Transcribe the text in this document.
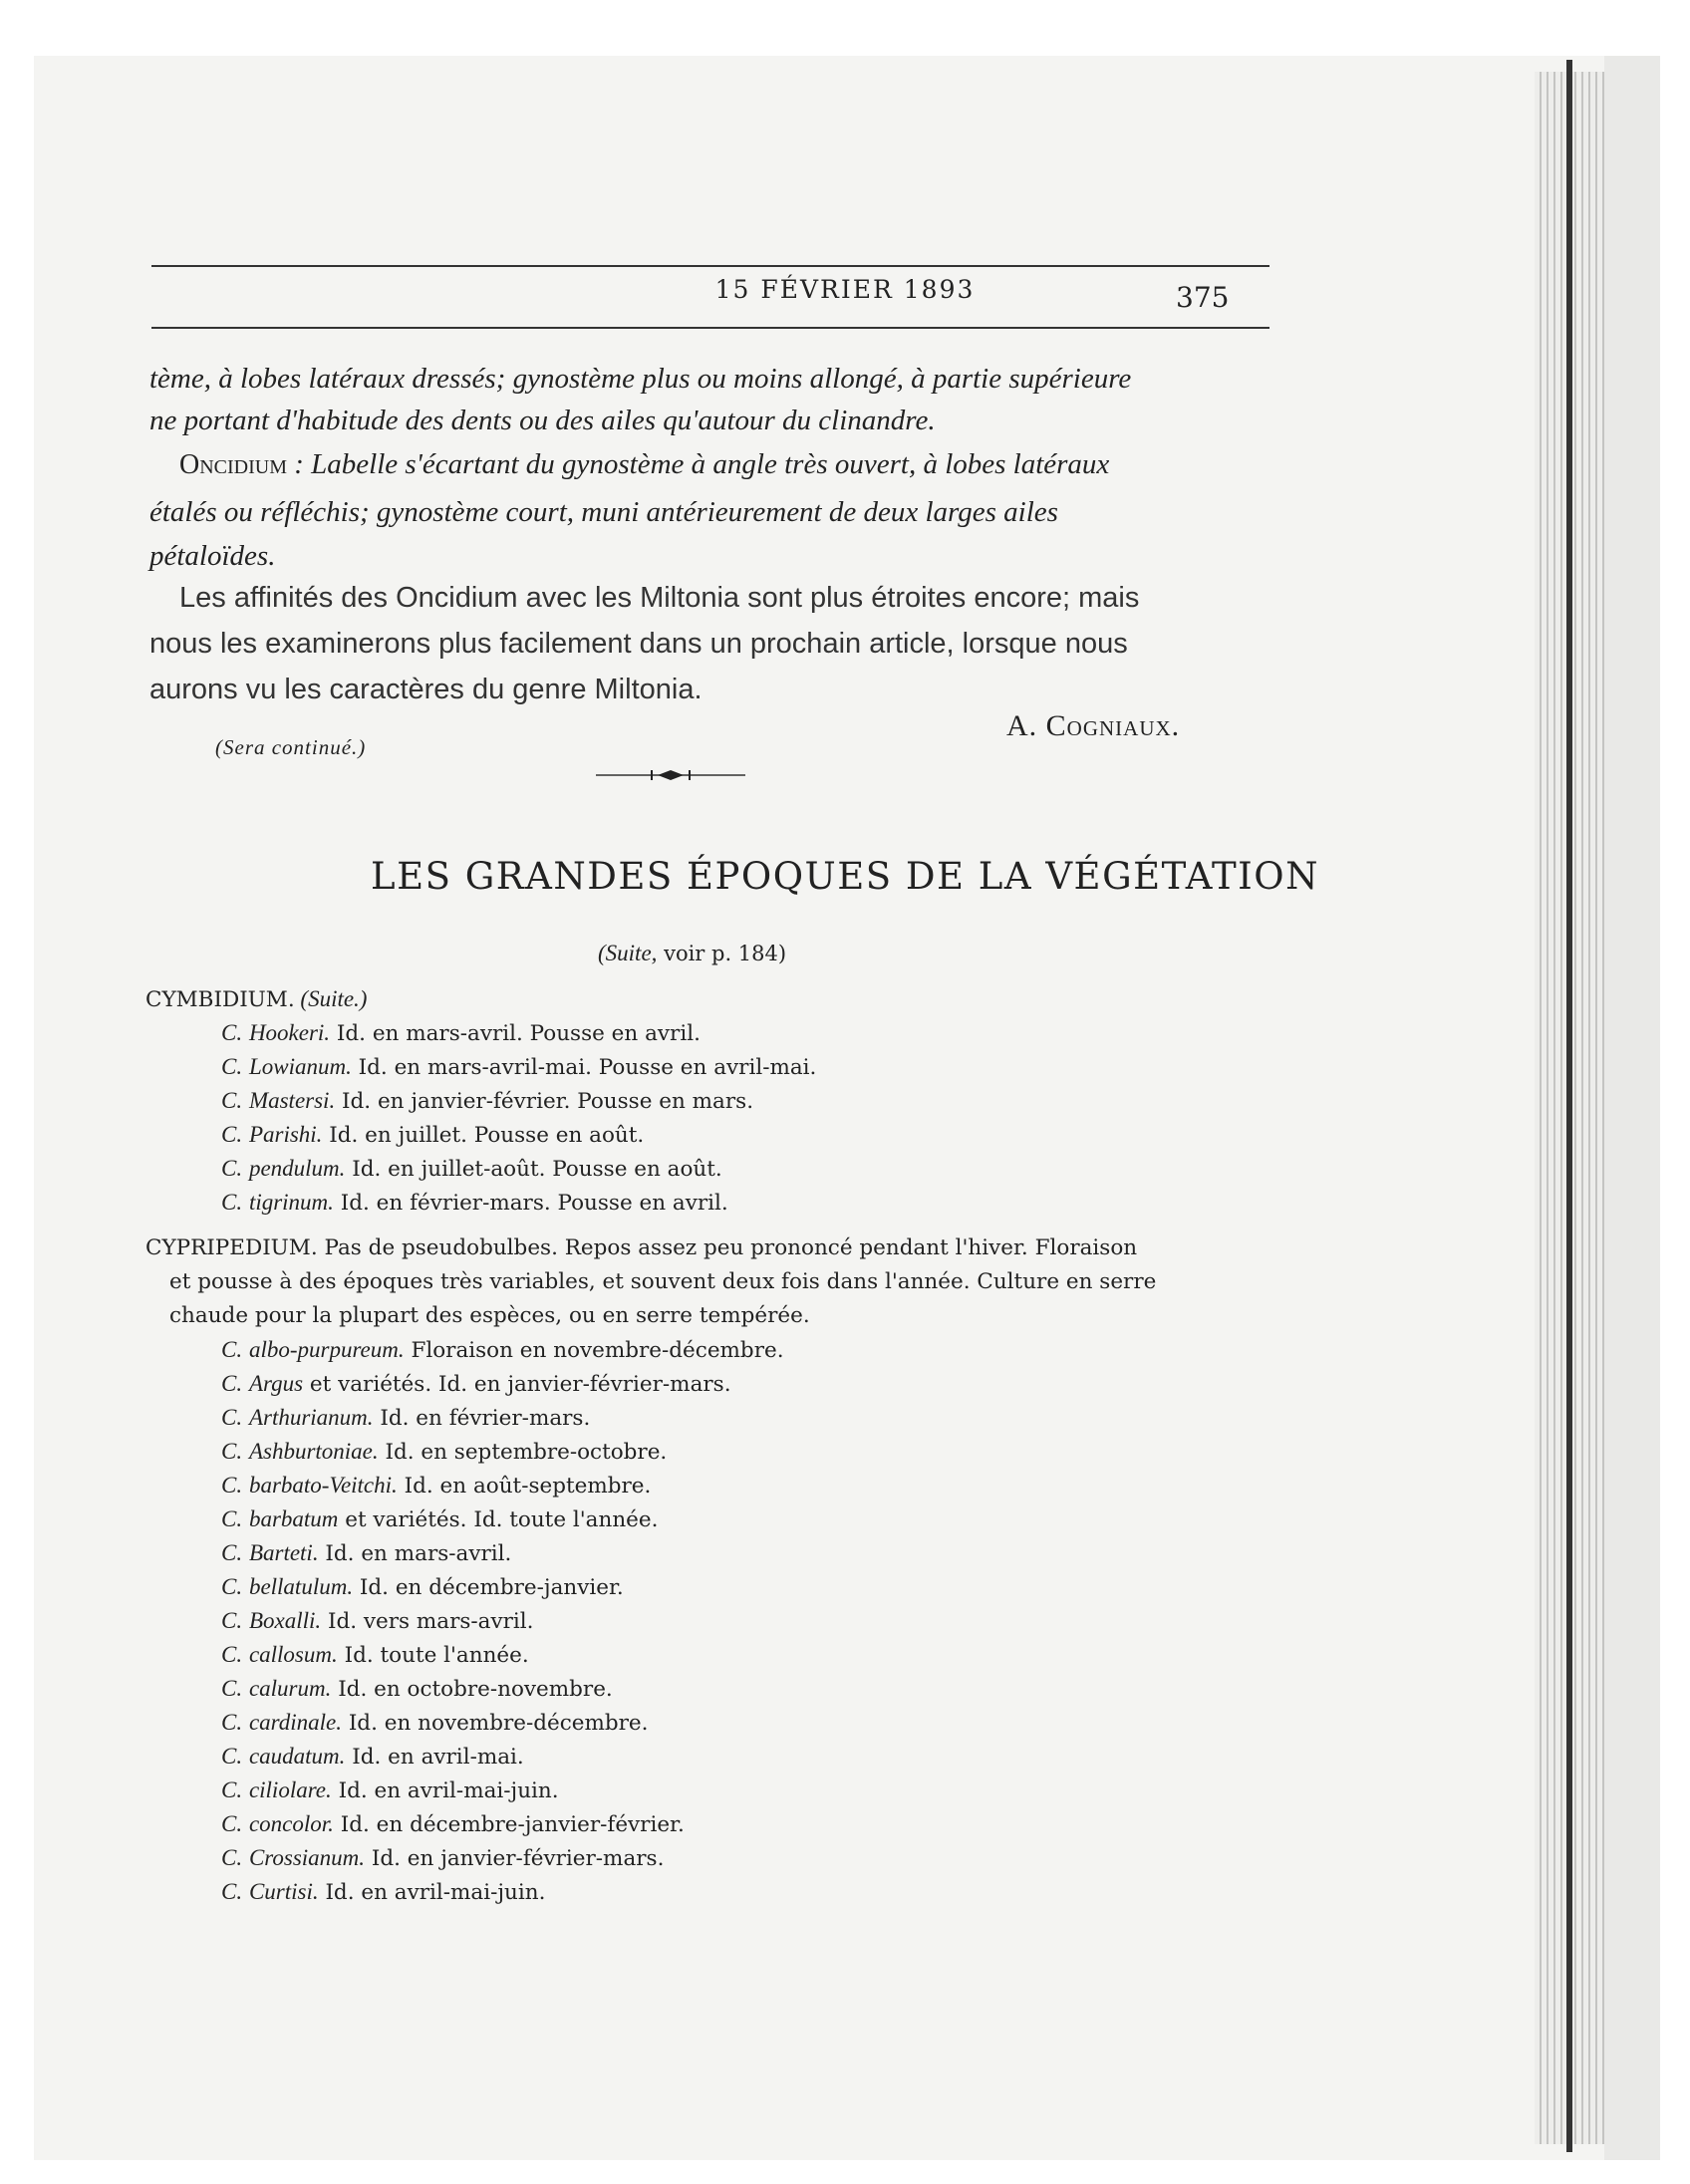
15 FÉVRIER 1893	375
tème, à lobes latéraux dressés; gynostème plus ou moins allongé, à partie supérieure
ne portant d'habitude des dents ou des ailes qu'autour du clinandre.
Oncidium : Labelle s'écartant du gynostème à angle très ouvert, à lobes latéraux
étalés ou réfléchis; gynostème court, muni antérieurement de deux larges ailes
pétaloïdes.
Les affinités des Oncidium avec les Miltonia sont plus étroites encore; mais
nous les examinerons plus facilement dans un prochain article, lorsque nous
aurons vu les caractères du genre Miltonia.
A. Cogniaux.
(Sera continué.)
LES GRANDES ÉPOQUES DE LA VÉGÉTATION
(Suite, voir p. 184)
CYMBIDIUM. (Suite.)
C. Hookeri. Id. en mars-avril. Pousse en avril.
C. Lowianum. Id. en mars-avril-mai. Pousse en avril-mai.
C. Mastersi. Id. en janvier-février. Pousse en mars.
C. Parishi. Id. en juillet. Pousse en août.
C. pendulum. Id. en juillet-août. Pousse en août.
C. tigrinum. Id. en février-mars. Pousse en avril.
CYPRIPEDIUM. Pas de pseudobulbes. Repos assez peu prononcé pendant l'hiver. Floraison
et pousse à des époques très variables, et souvent deux fois dans l'année. Culture en serre
chaude pour la plupart des espèces, ou en serre tempérée.
C. albo-purpureum. Floraison en novembre-décembre.
C. Argus et variétés. Id. en janvier-février-mars.
C. Arthurianum. Id. en février-mars.
C. Ashburtoniae. Id. en septembre-octobre.
C. barbato-Veitchi. Id. en août-septembre.
C. barbatum et variétés. Id. toute l'année.
C. Barteti. Id. en mars-avril.
C. bellatulum. Id. en décembre-janvier.
C. Boxalli. Id. vers mars-avril.
C. callosum. Id. toute l'année.
C. calurum. Id. en octobre-novembre.
C. cardinale. Id. en novembre-décembre.
C. caudatum. Id. en avril-mai.
C. ciliolare. Id. en avril-mai-juin.
C. concolor. Id. en décembre-janvier-février.
C. Crossianum. Id. en janvier-février-mars.
C. Curtisi. Id. en avril-mai-juin.
